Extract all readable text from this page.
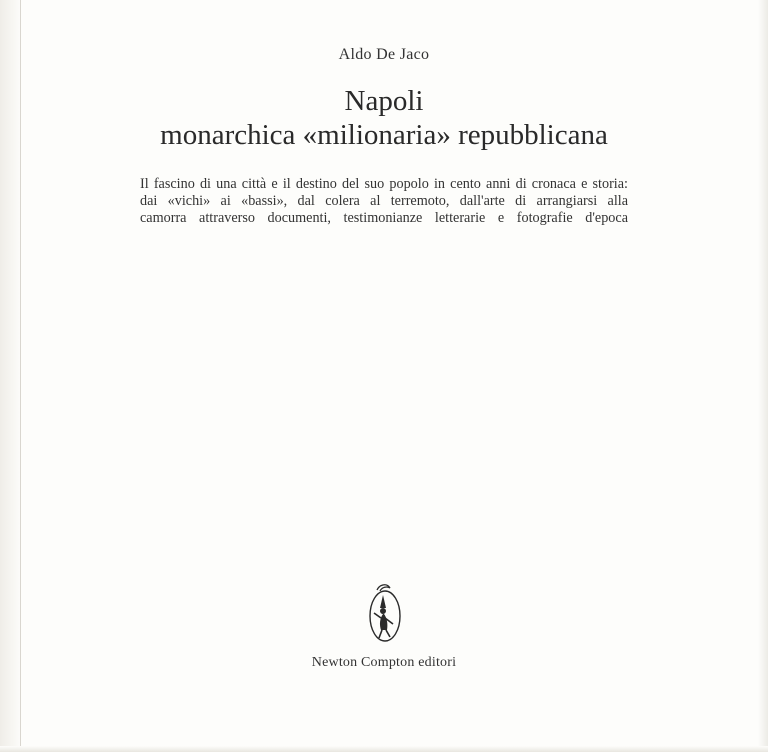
Aldo De Jaco
Napoli
monarchica «milionaria» repubblicana
Il fascino di una città e il destino del suo popolo in cento anni di cronaca e storia:
dai «vichi» ai «bassi», dal colera al terremoto, dall'arte di arrangiarsi alla
camorra attraverso documenti, testimonianze letterarie e fotografie d'epoca
Newton Compton editori
